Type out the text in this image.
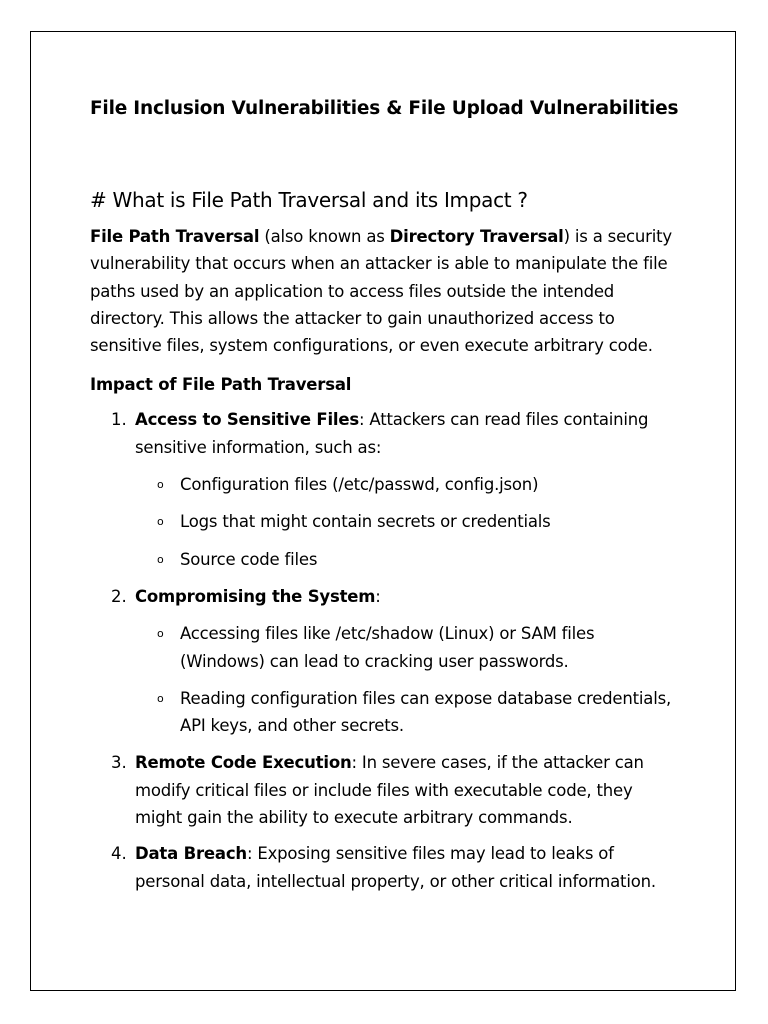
File Inclusion Vulnerabilities & File Upload Vulnerabilities
# What is File Path Traversal and its Impact ?

File Path Traversal (also known as Directory Traversal) is a security vulnerability that occurs when an attacker is able to manipulate the file paths used by an application to access files outside the intended directory. This allows the attacker to gain unauthorized access to sensitive files, system configurations, or even execute arbitrary code.

Impact of File Path Traversal

1. Access to Sensitive Files: Attackers can read files containing sensitive information, such as:

o Configuration files (/etc/passwd, config.json)

o Logs that might contain secrets or credentials

o Source code files

2. Compromising the System:

o Accessing files like /etc/shadow (Linux) or SAM files (Windows) can lead to cracking user passwords.

o Reading configuration files can expose database credentials, API keys, and other secrets.

3. Remote Code Execution: In severe cases, if the attacker can modify critical files or include files with executable code, they might gain the ability to execute arbitrary commands.

4. Data Breach: Exposing sensitive files may lead to leaks of personal data, intellectual property, or other critical information.
